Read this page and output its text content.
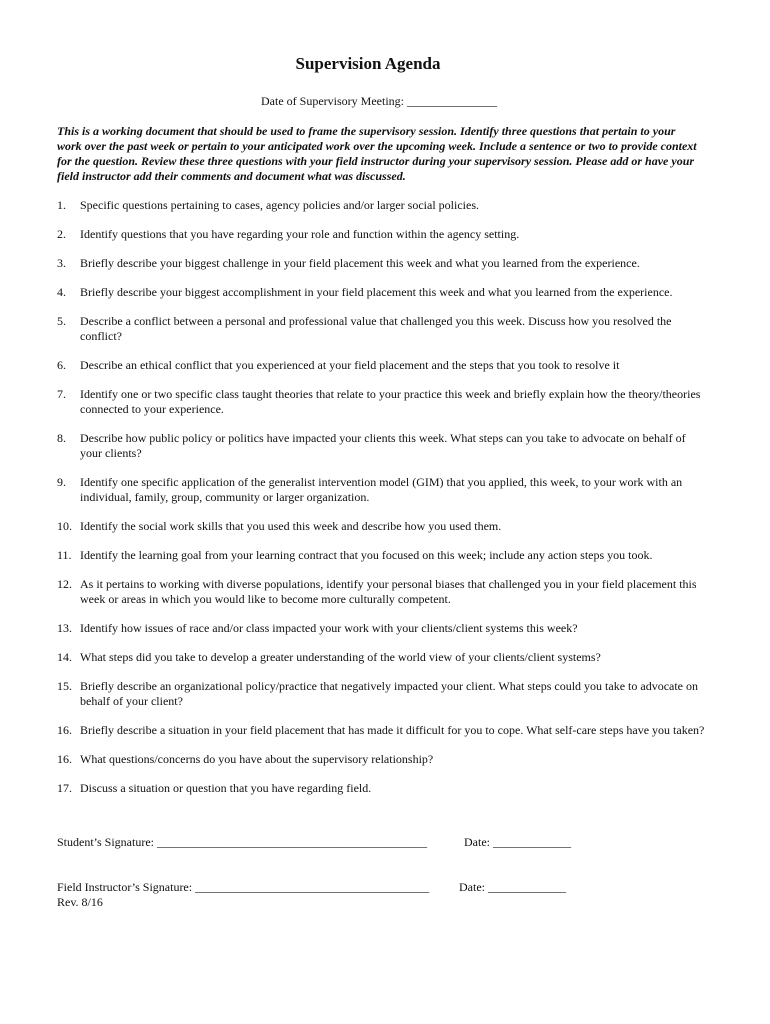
Supervision Agenda
Date of Supervisory Meeting: _______________
This is a working document that should be used to frame the supervisory session. Identify three questions that pertain to your work over the past week or pertain to your anticipated work over the upcoming week. Include a sentence or two to provide context for the question. Review these three questions with your field instructor during your supervisory session. Please add or have your field instructor add their comments and document what was discussed.
1. Specific questions pertaining to cases, agency policies and/or larger social policies.
2. Identify questions that you have regarding your role and function within the agency setting.
3. Briefly describe your biggest challenge in your field placement this week and what you learned from the experience.
4. Briefly describe your biggest accomplishment in your field placement this week and what you learned from the experience.
5. Describe a conflict between a personal and professional value that challenged you this week. Discuss how you resolved the conflict?
6. Describe an ethical conflict that you experienced at your field placement and the steps that you took to resolve it
7. Identify one or two specific class taught theories that relate to your practice this week and briefly explain how the theory/theories connected to your experience.
8. Describe how public policy or politics have impacted your clients this week. What steps can you take to advocate on behalf of your clients?
9. Identify one specific application of the generalist intervention model (GIM) that you applied, this week, to your work with an individual, family, group, community or larger organization.
10. Identify the social work skills that you used this week and describe how you used them.
11. Identify the learning goal from your learning contract that you focused on this week; include any action steps you took.
12. As it pertains to working with diverse populations, identify your personal biases that challenged you in your field placement this week or areas in which you would like to become more culturally competent.
13. Identify how issues of race and/or class impacted your work with your clients/client systems this week?
14. What steps did you take to develop a greater understanding of the world view of your clients/client systems?
15. Briefly describe an organizational policy/practice that negatively impacted your client. What steps could you take to advocate on behalf of your client?
16. Briefly describe a situation in your field placement that has made it difficult for you to cope. What self-care steps have you taken?
16. What questions/concerns do you have about the supervisory relationship?
17. Discuss a situation or question that you have regarding field.
Student’s Signature: _____________________________________________	Date: _____________
Field Instructor’s Signature: _______________________________________ Date: _____________
Rev. 8/16
